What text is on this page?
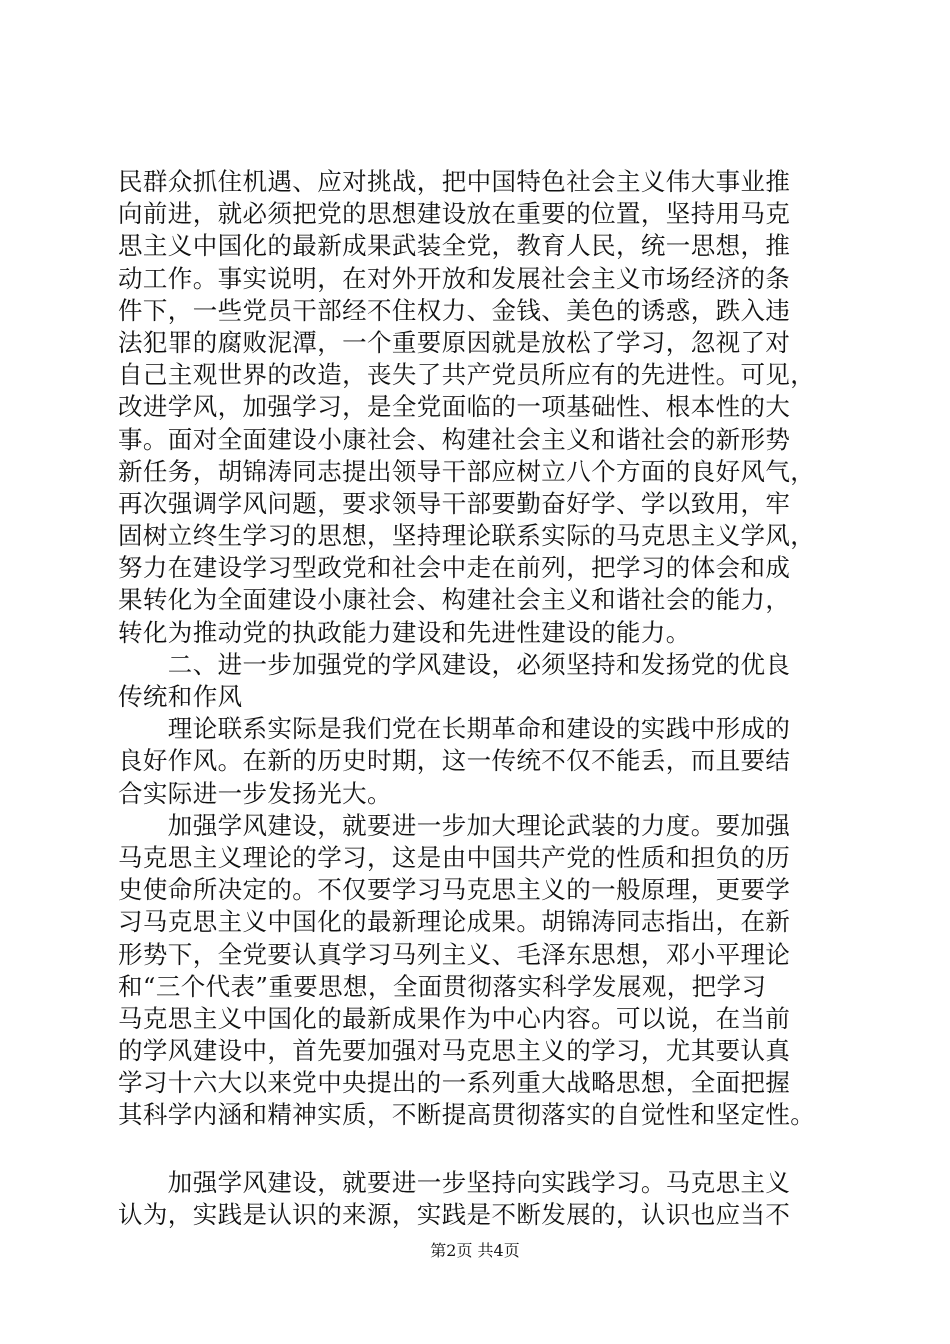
民群众抓住机遇、应对挑战，把中国特色社会主义伟大事业推
向前进，就必须把党的思想建设放在重要的位置，坚持用马克
思主义中国化的最新成果武装全党，教育人民，统一思想，推
动工作。事实说明，在对外开放和发展社会主义市场经济的条
件下，一些党员干部经不住权力、金钱、美色的诱惑，跌入违
法犯罪的腐败泥潭，一个重要原因就是放松了学习，忽视了对
自己主观世界的改造，丧失了共产党员所应有的先进性。可见，
改进学风，加强学习，是全党面临的一项基础性、根本性的大
事。面对全面建设小康社会、构建社会主义和谐社会的新形势
新任务，胡锦涛同志提出领导干部应树立八个方面的良好风气，
再次强调学风问题，要求领导干部要勤奋好学、学以致用，牢
固树立终生学习的思想，坚持理论联系实际的马克思主义学风，
努力在建设学习型政党和社会中走在前列，把学习的体会和成
果转化为全面建设小康社会、构建社会主义和谐社会的能力，
转化为推动党的执政能力建设和先进性建设的能力。
　　二、进一步加强党的学风建设，必须坚持和发扬党的优良
传统和作风
　　理论联系实际是我们党在长期革命和建设的实践中形成的
良好作风。在新的历史时期，这一传统不仅不能丢，而且要结
合实际进一步发扬光大。
　　加强学风建设，就要进一步加大理论武装的力度。要加强
马克思主义理论的学习，这是由中国共产党的性质和担负的历
史使命所决定的。不仅要学习马克思主义的一般原理，更要学
习马克思主义中国化的最新理论成果。胡锦涛同志指出，在新
形势下，全党要认真学习马列主义、毛泽东思想，邓小平理论
和“三个代表”重要思想，全面贯彻落实科学发展观，把学习
马克思主义中国化的最新成果作为中心内容。可以说，在当前
的学风建设中，首先要加强对马克思主义的学习，尤其要认真
学习十六大以来党中央提出的一系列重大战略思想，全面把握
其科学内涵和精神实质，不断提高贯彻落实的自觉性和坚定性。
　　加强学风建设，就要进一步坚持向实践学习。马克思主义
认为，实践是认识的来源，实践是不断发展的，认识也应当不
第2页 共4页
